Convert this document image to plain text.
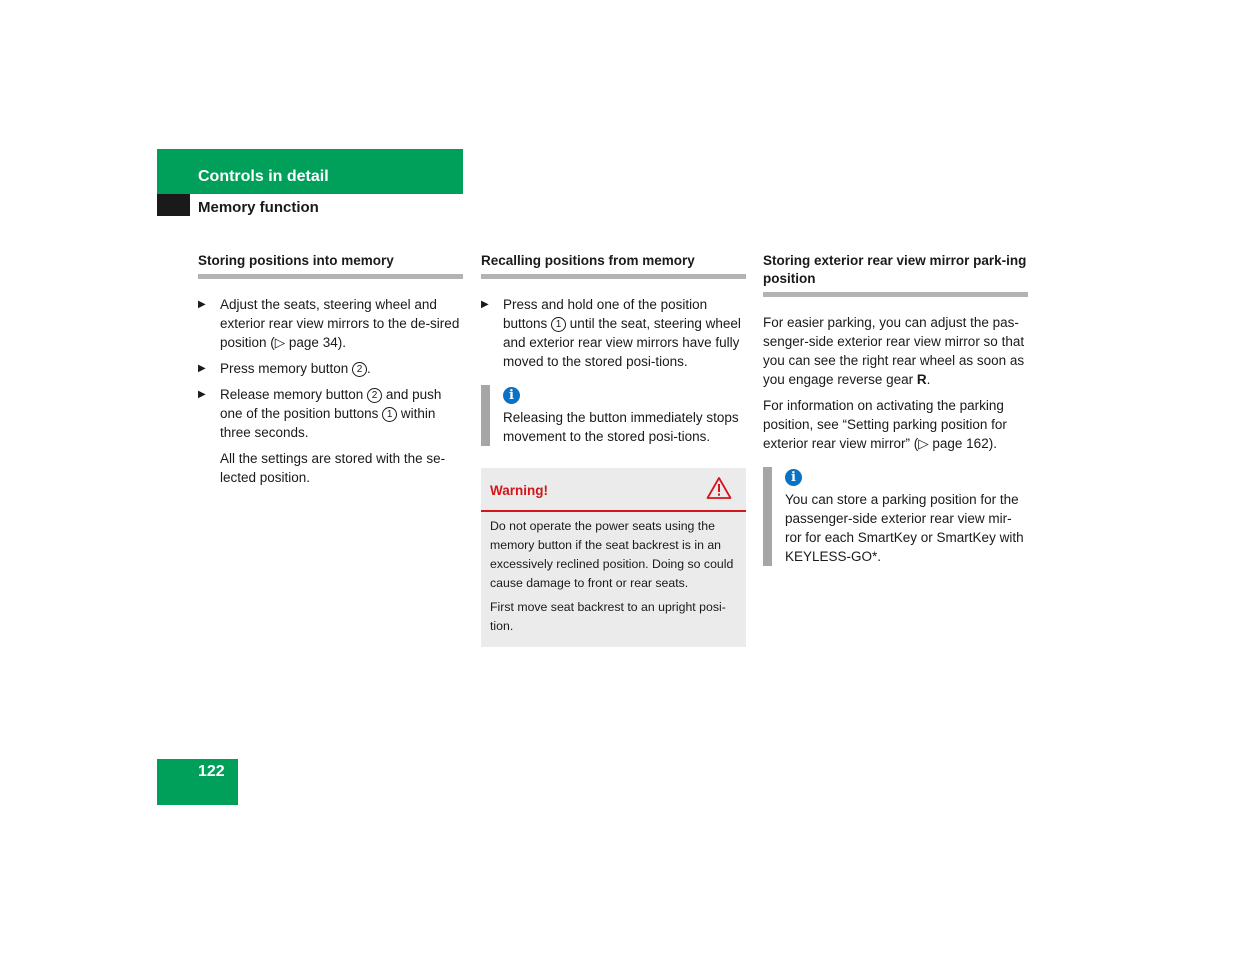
Controls in detail
Memory function
Storing positions into memory
▶ Adjust the seats, steering wheel and exterior rear view mirrors to the de-sired position (▷ page 34).
▶ Press memory button 2 .
▶ Release memory button 2 and push one of the position buttons 1 within three seconds.
All the settings are stored with the se-lected position.
Recalling positions from memory
▶ Press and hold one of the position buttons 1 until the seat, steering wheel and exterior rear view mirrors have fully moved to the stored posi-tions.
i
Releasing the button immediately stops movement to the stored posi-tions.
Warning!

Do not operate the power seats using the memory button if the seat backrest is in an excessively reclined position. Doing so could cause damage to front or rear seats.

First move seat backrest to an upright posi-tion.

Storing exterior rear view mirror park-ing position
For easier parking, you can adjust the pas-senger-side exterior rear view mirror so that you can see the right rear wheel as soon as you engage reverse gear R.
For information on activating the parking position, see “Setting parking position for exterior rear view mirror” (▷ page 162).
i
You can store a parking position for the passenger-side exterior rear view mir-ror for each SmartKey or SmartKey with KEYLESS-GO*.
122
